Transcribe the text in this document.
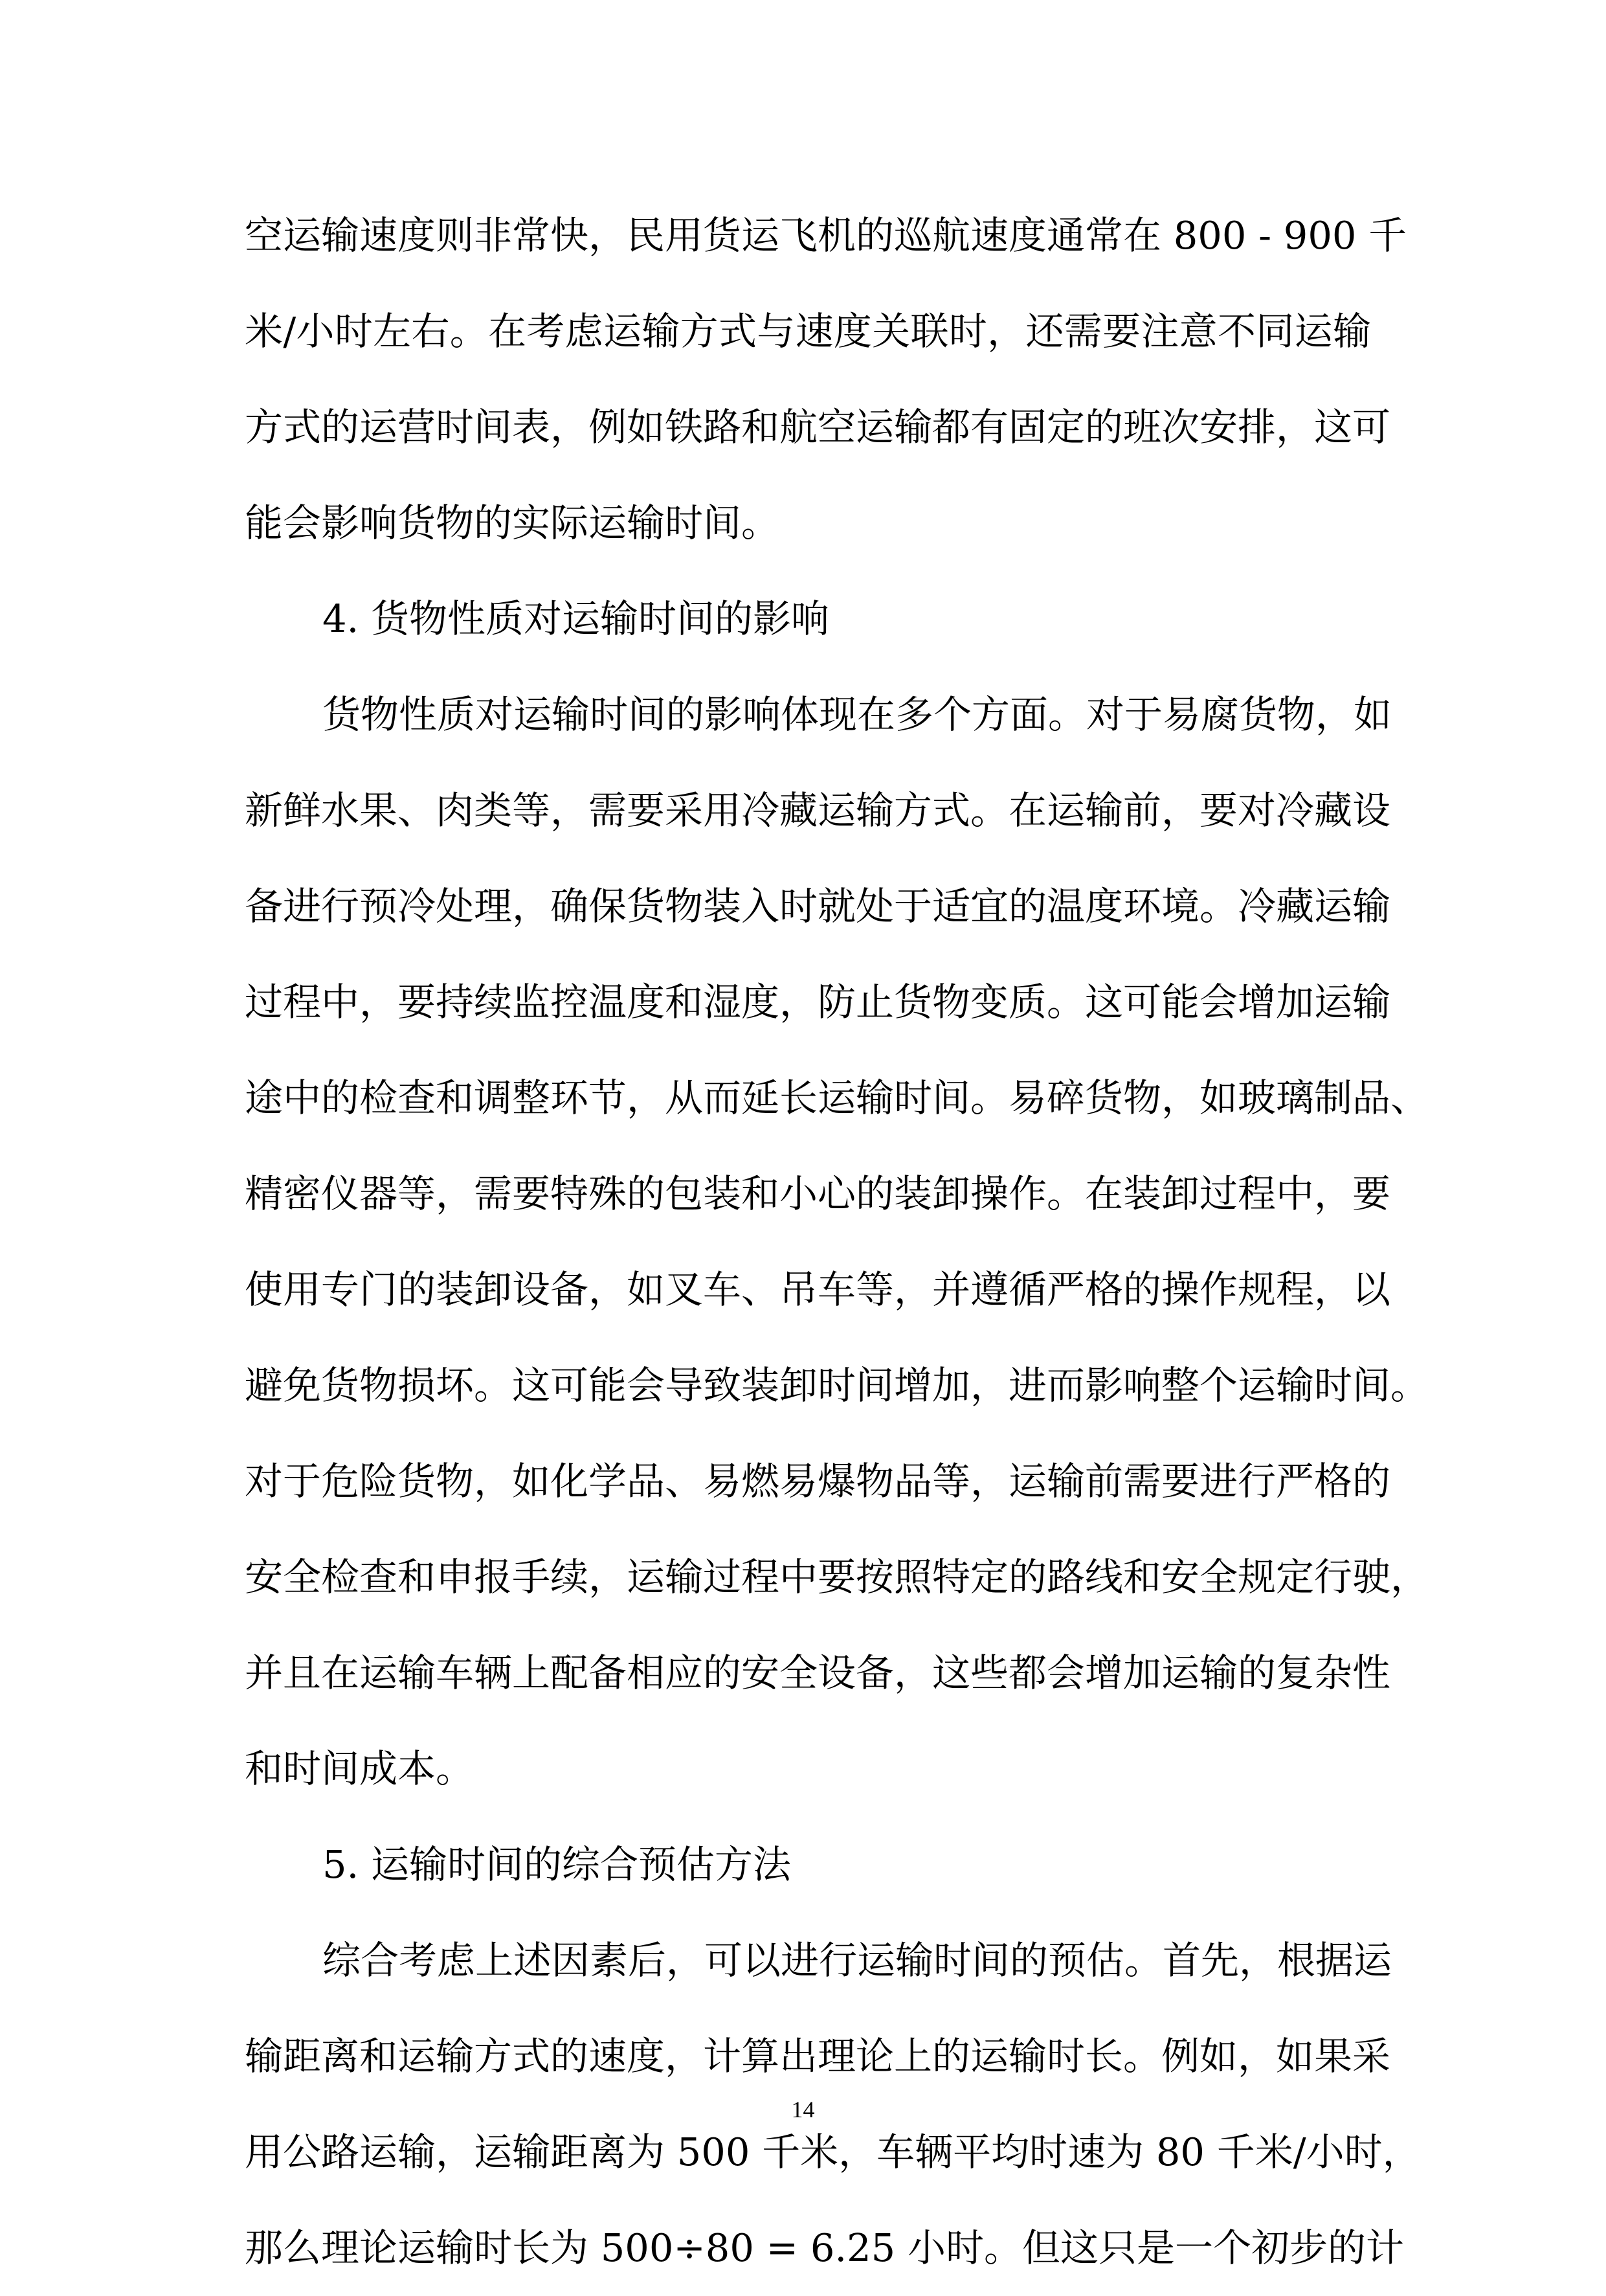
空运输速度则非常快，民用货运飞机的巡航速度通常在 800 - 900 千
米/小时左右。在考虑运输方式与速度关联时，还需要注意不同运输
方式的运营时间表，例如铁路和航空运输都有固定的班次安排，这可
能会影响货物的实际运输时间。
4. 货物性质对运输时间的影响
货物性质对运输时间的影响体现在多个方面。对于易腐货物，如
新鲜水果、肉类等，需要采用冷藏运输方式。在运输前，要对冷藏设
备进行预冷处理，确保货物装入时就处于适宜的温度环境。冷藏运输
过程中，要持续监控温度和湿度，防止货物变质。这可能会增加运输
途中的检查和调整环节，从而延长运输时间。易碎货物，如玻璃制品、
精密仪器等，需要特殊的包装和小心的装卸操作。在装卸过程中，要
使用专门的装卸设备，如叉车、吊车等，并遵循严格的操作规程，以
避免货物损坏。这可能会导致装卸时间增加，进而影响整个运输时间。
对于危险货物，如化学品、易燃易爆物品等，运输前需要进行严格的
安全检查和申报手续，运输过程中要按照特定的路线和安全规定行驶，
并且在运输车辆上配备相应的安全设备，这些都会增加运输的复杂性
和时间成本。
5. 运输时间的综合预估方法
综合考虑上述因素后，可以进行运输时间的预估。首先，根据运
输距离和运输方式的速度，计算出理论上的运输时长。例如，如果采
用公路运输，运输距离为 500 千米，车辆平均时速为 80 千米/小时，
那么理论运输时长为 500÷80 = 6.25 小时。但这只是一个初步的计
14
